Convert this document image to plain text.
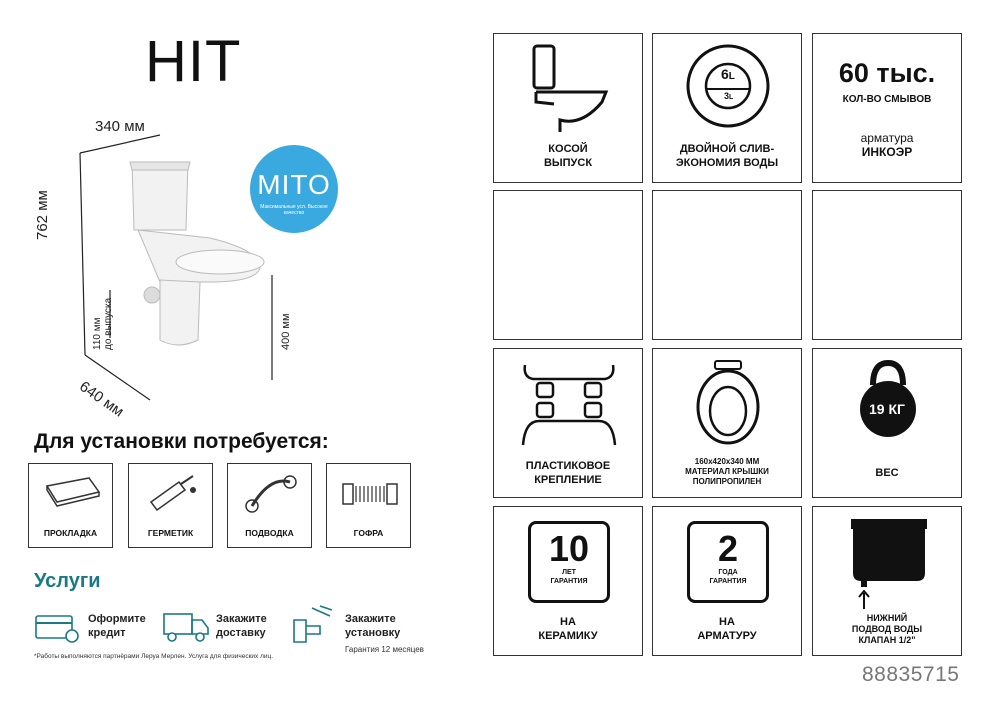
HIT
340 мм
762 мм
640 мм
400 мм
110 мм до выпуска
MITO
Максимальные усл. Высокое качество
Для установки потребуется:
ПРОКЛАДКА	ГЕРМЕТИК	ПОДВОДКА	ГОФРА
Услуги
Оформите
кредит
Закажите
доставку
Закажите
установку
*Работы выполняются партнёрами Леруа Мерлен. Услуга для физических лиц.
Гарантия 12 месяцев
КОСОЙ
ВЫПУСК
6L
3L
ДВОЙНОЙ СЛИВ-
ЭКОНОМИЯ ВОДЫ
60 тыс.
КОЛ-ВО СМЫВОВ
арматура
ИНКОЭР
ПЛАСТИКОВОЕ
КРЕПЛЕНИЕ
160х420х340 ММ
МАТЕРИАЛ КРЫШКИ
ПОЛИПРОПИЛЕН
19 КГ
ВЕС
10
ЛЕТ
ГАРАНТИЯ
НА
КЕРАМИКУ
2
ГОДА
ГАРАНТИЯ
НА
АРМАТУРУ
НИЖНИЙ
ПОДВОД ВОДЫ
КЛАПАН 1/2"
88835715
